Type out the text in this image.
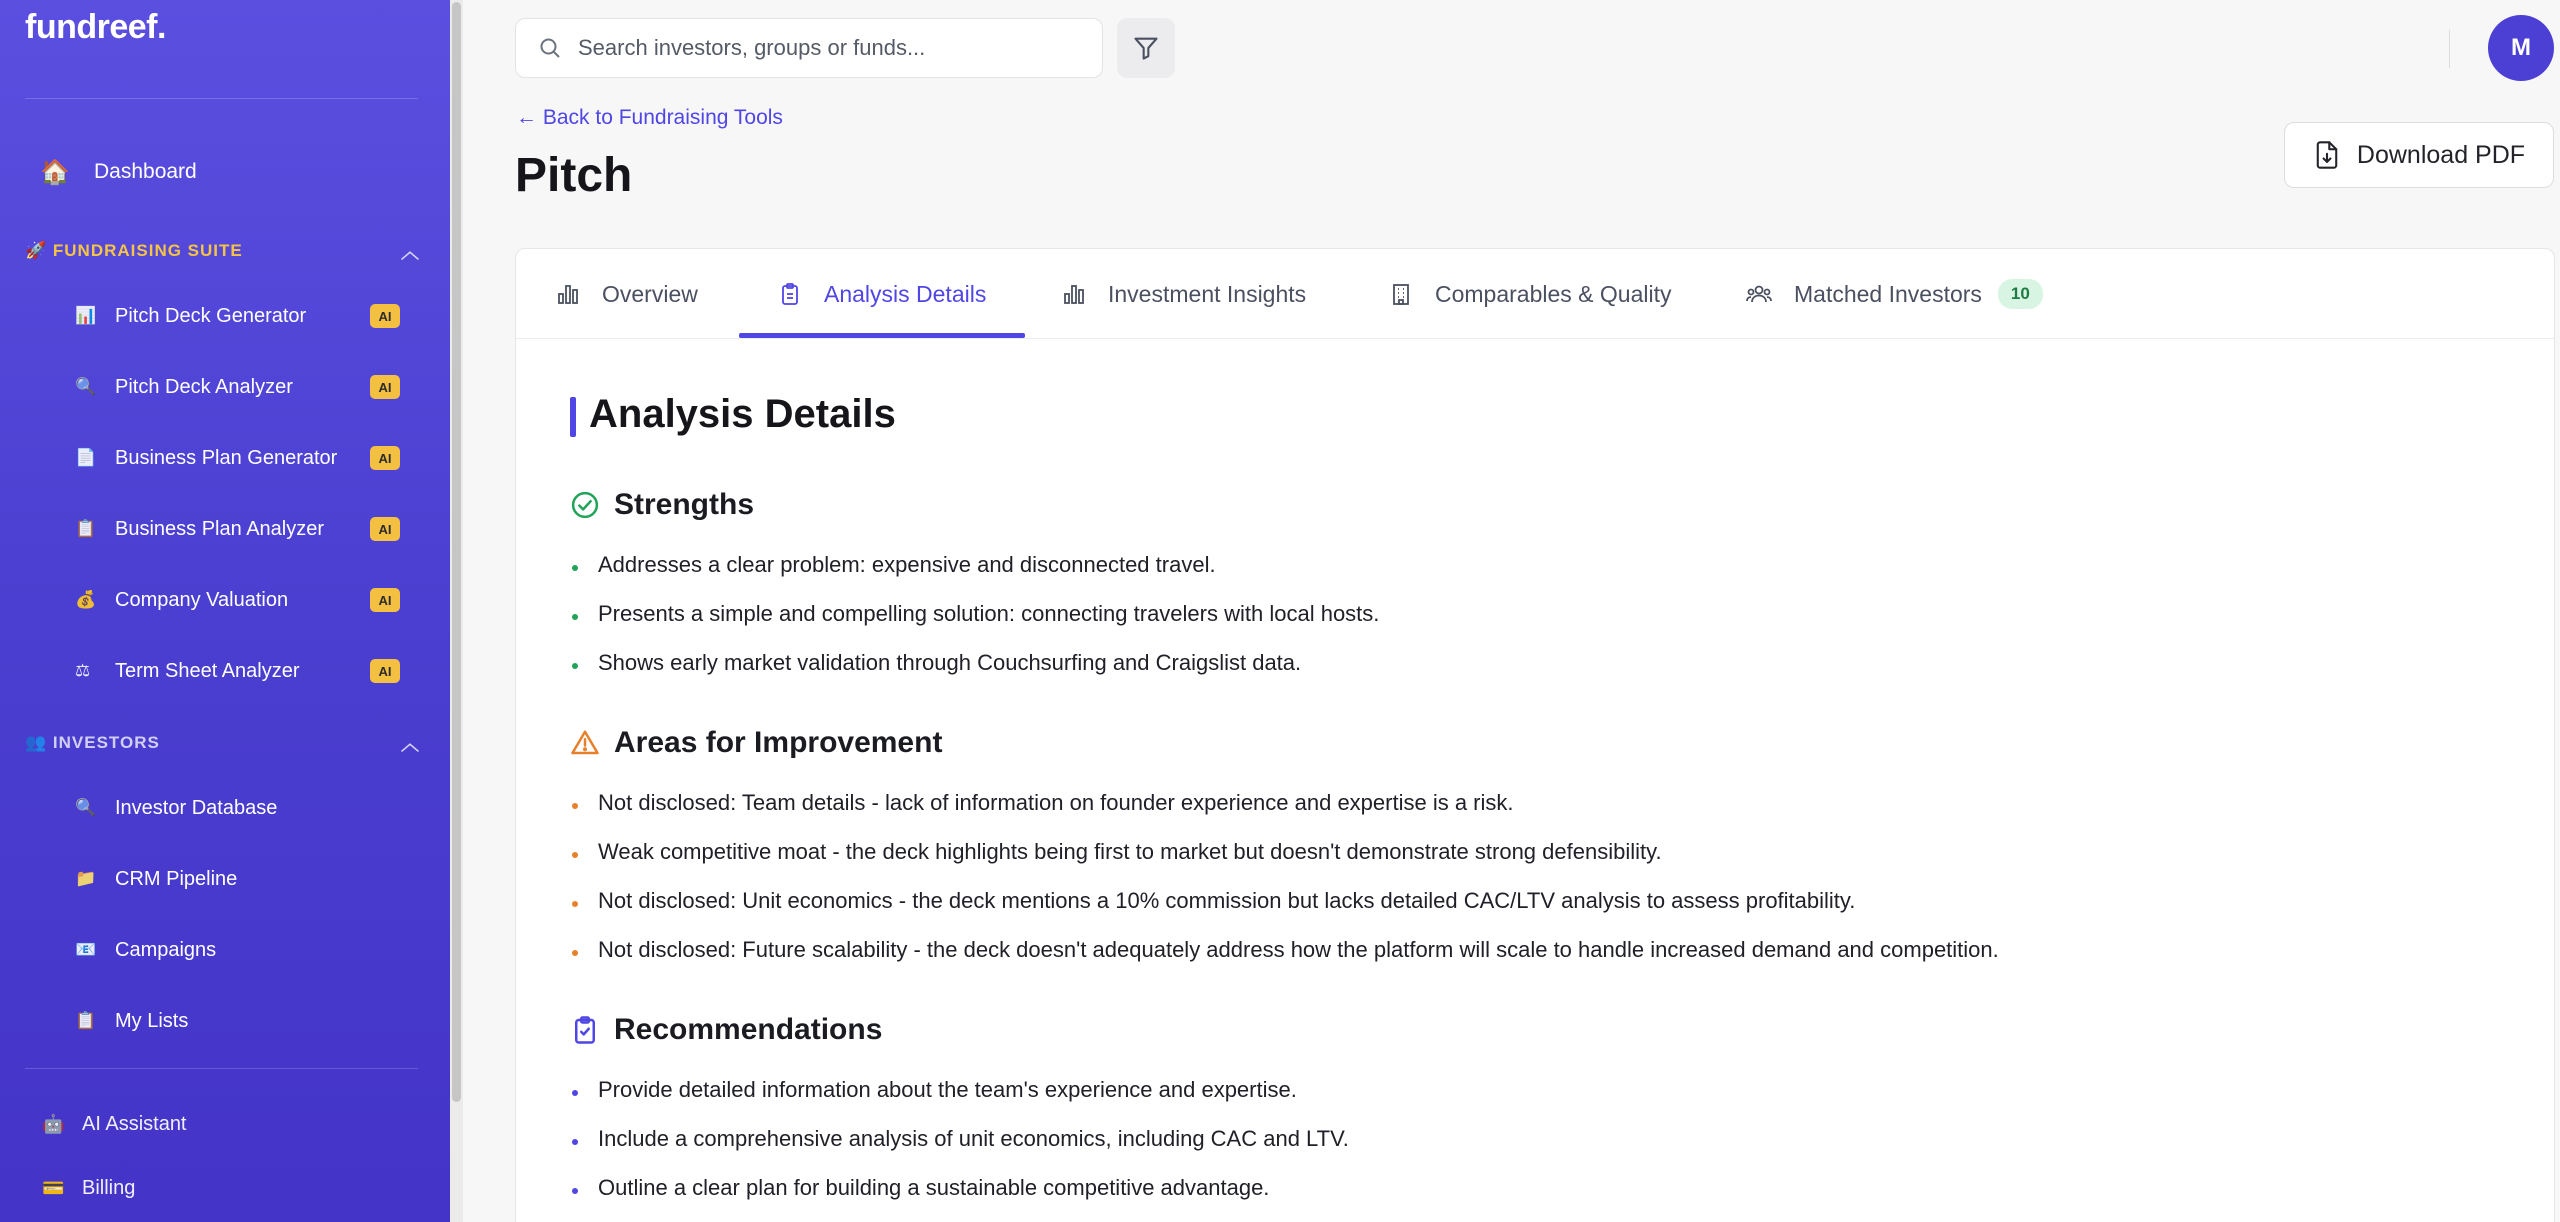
fundreef.
🏠 Dashboard
🚀 FUNDRAISING SUITE	︿
📊 Pitch Deck Generator	AI
🔍 Pitch Deck Analyzer	AI
📄 Business Plan Generator	AI
📋 Business Plan Analyzer	AI
💰 Company Valuation	AI
⚖	Term Sheet Analyzer	AI
👥 INVESTORS	︿
🔍 Investor Database
📁 CRM Pipeline
📧 Campaigns
📋 My Lists
🤖 AI Assistant
💳 Billing
Search investors, groups or funds...	M
← Back to Fundraising Tools
Pitch	Download PDF
Overview	Analysis Details	Investment Insights	Comparables & Quality	Matched Investors	10
Analysis Details
Strengths
Addresses a clear problem: expensive and disconnected travel.
Presents a simple and compelling solution: connecting travelers with local hosts.
Shows early market validation through Couchsurfing and Craigslist data.
Areas for Improvement
Not disclosed: Team details - lack of information on founder experience and expertise is a risk.
Weak competitive moat - the deck highlights being first to market but doesn't demonstrate strong defensibility.
Not disclosed: Unit economics - the deck mentions a 10% commission but lacks detailed CAC/LTV analysis to assess profitability.
Not disclosed: Future scalability - the deck doesn't adequately address how the platform will scale to handle increased demand and competition.
Recommendations
Provide detailed information about the team's experience and expertise.
Include a comprehensive analysis of unit economics, including CAC and LTV.
Outline a clear plan for building a sustainable competitive advantage.
